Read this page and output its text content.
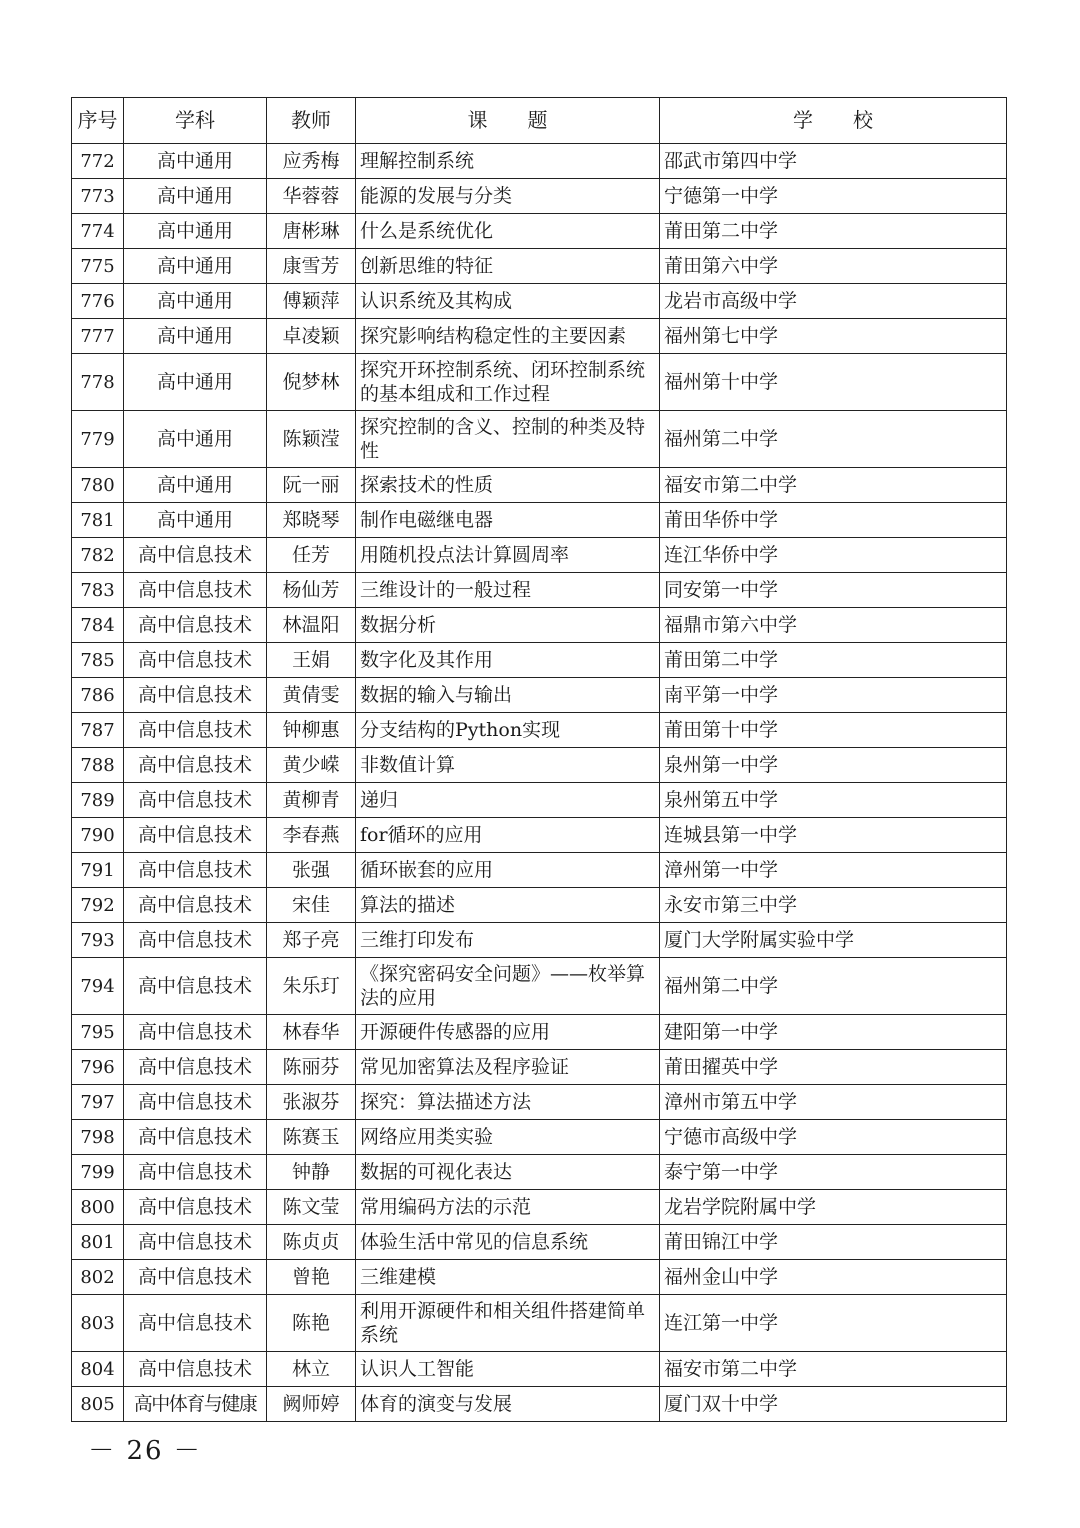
序号	学科	教师	课　　题	学　　校
772	高中通用	应秀梅	理解控制系统	邵武市第四中学
773	高中通用	华蓉蓉	能源的发展与分类	宁德第一中学
774	高中通用	唐彬琳	什么是系统优化	莆田第二中学
775	高中通用	康雪芳	创新思维的特征	莆田第六中学
776	高中通用	傅颖萍	认识系统及其构成	龙岩市高级中学
777	高中通用	卓凌颖	探究影响结构稳定性的主要因素	福州第七中学
778	高中通用	倪梦林	探究开环控制系统、闭环控制系统的基本组成和工作过程	福州第十中学
779	高中通用	陈颖滢	探究控制的含义、控制的种类及特性	福州第二中学
780	高中通用	阮一丽	探索技术的性质	福安市第二中学
781	高中通用	郑晓琴	制作电磁继电器	莆田华侨中学
782	高中信息技术	任芳	用随机投点法计算圆周率	连江华侨中学
783	高中信息技术	杨仙芳	三维设计的一般过程	同安第一中学
784	高中信息技术	林温阳	数据分析	福鼎市第六中学
785	高中信息技术	王娟	数字化及其作用	莆田第二中学
786	高中信息技术	黄倩雯	数据的输入与输出	南平第一中学
787	高中信息技术	钟柳惠	分支结构的Python实现	莆田第十中学
788	高中信息技术	黄少嵘	非数值计算	泉州第一中学
789	高中信息技术	黄柳青	递归	泉州第五中学
790	高中信息技术	李春燕	for循环的应用	连城县第一中学
791	高中信息技术	张强	循环嵌套的应用	漳州第一中学
792	高中信息技术	宋佳	算法的描述	永安市第三中学
793	高中信息技术	郑子亮	三维打印发布	厦门大学附属实验中学
794	高中信息技术	朱乐玎	《探究密码安全问题》——枚举算法的应用	福州第二中学
795	高中信息技术	林春华	开源硬件传感器的应用	建阳第一中学
796	高中信息技术	陈丽芬	常见加密算法及程序验证	莆田擢英中学
797	高中信息技术	张淑芬	探究：算法描述方法	漳州市第五中学
798	高中信息技术	陈赛玉	网络应用类实验	宁德市高级中学
799	高中信息技术	钟静	数据的可视化表达	泰宁第一中学
800	高中信息技术	陈文莹	常用编码方法的示范	龙岩学院附属中学
801	高中信息技术	陈贞贞	体验生活中常见的信息系统	莆田锦江中学
802	高中信息技术	曾艳	三维建模	福州金山中学
803	高中信息技术	陈艳	利用开源硬件和相关组件搭建简单系统	连江第一中学
804	高中信息技术	林立	认识人工智能	福安市第二中学
805	高中体育与健康	阙师婷	体育的演变与发展	厦门双十中学
－ 26 －
